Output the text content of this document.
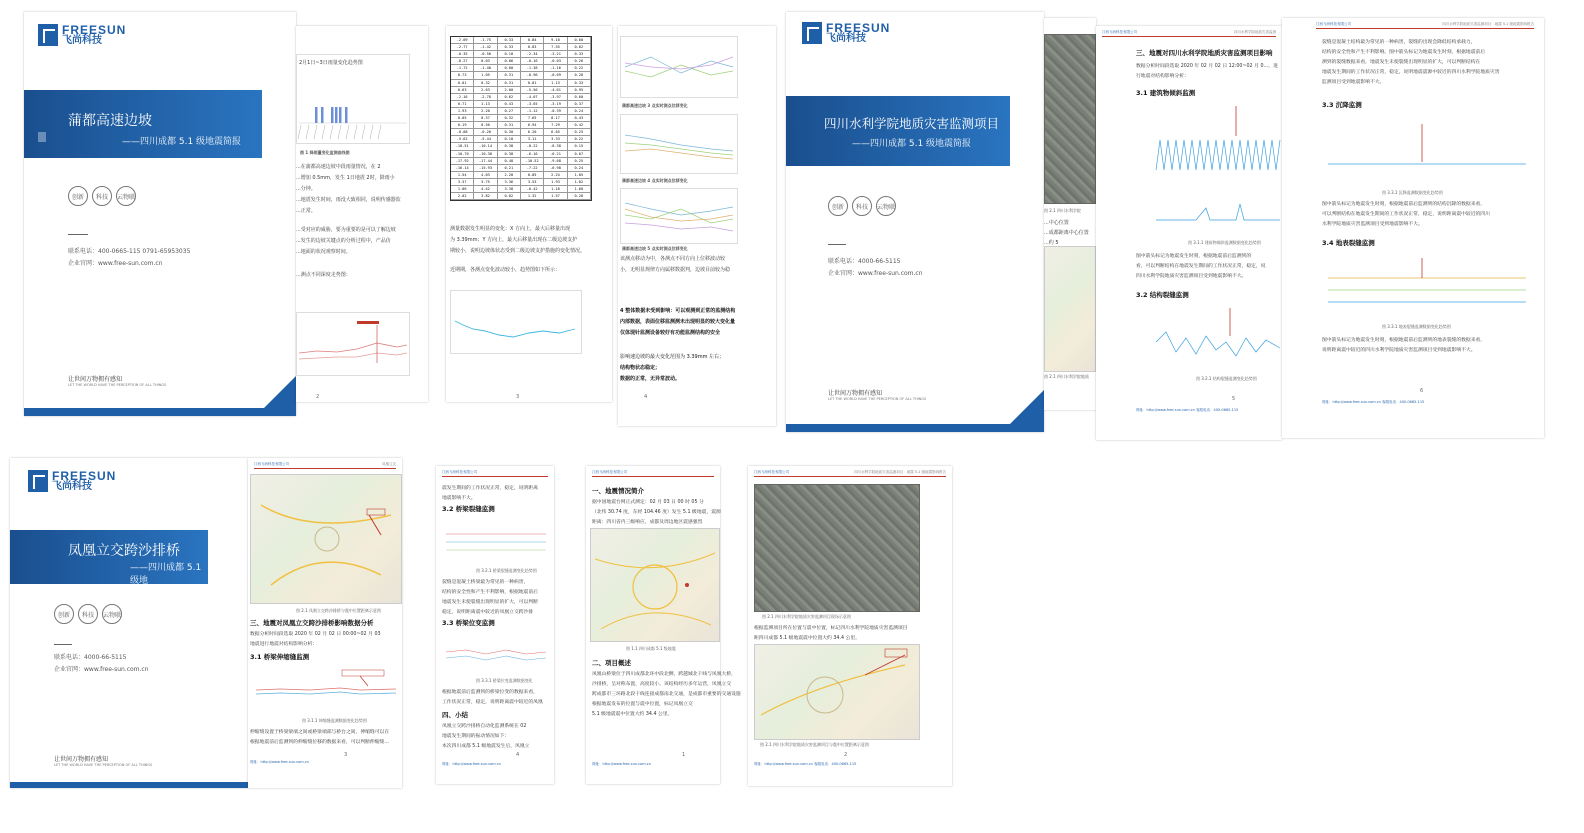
FREESUN
飞尚科技
蒲都高速边坡
——四川成都 5.1 级地震简报
创新	科技	云物联
联系电话：400-0665-115 0791-65953035
企业官网：www.free-sun.com.cn
让世间万物拥有感知
LET THE WORLD HAVE THE PERCEPTION OF ALL THINGS
2月1日~3日雨量变化趋势图
图 1 降雨量变化监测曲线图
...在蒲都高速边坡中段雨量情况，在 2
...增加 0.5mm，发生 1日地震 2时，降雨小
...分钟。
...地震发生时间，雨没大致相同，说明传感器监
...正常。
...受对应的威胁，要为重要的是可以了解边坡
...发生的边坡关键点的分析过程中，产品仿
...地面的状况观察时间。
...测点不同深度走势图：
2
-2.09	-1.75	0.33	0.84	9.10	0.60
-2.77	-1.42	0.33	0.83	7.55	0.62
-0.35	-0.50	0.18	-2.34	-3.21	0.33
-0.27	0.03	0.06	-0.16	-0.03	0.26
-1.72	-1.40	0.00	-1.38	-1.16	0.22
0.73	1.05	0.31	-0.96	-0.69	0.28
0.01	0.32	0.31	0.81	1.13	0.33
0.63	2.63	2.00	-5.56	-4.61	0.95
-2.16	-2.78	0.62	-4.07	-3.97	0.60
0.71	1.13	0.43	-3.65	-3.19	0.37
1.93	2.20	0.27	-1.12	-0.39	0.24
0.05	0.37	0.32	7.65	8.17	0.43
0.19	0.50	0.31	6.94	7.29	0.42
-0.08	-0.20	0.30	6.20	6.65	0.25
-5.62	-5.44	0.18	3.11	3.33	0.22
-10.51	-10.14	0.38	-8.22	-8.38	0.15
-10.70	-10.38	0.38	-6.16	-6.21	0.07
-17.92	-17.44	0.48	-10.52	-9.68	0.25
-16.14	-15.93	0.21	-7.22	-6.98	0.24
1.54	4.03	2.28	0.85	2.24	1.05
3.37	3.75	3.36	3.53	1.93	1.82
1.06	4.42	3.38	-0.42	1.18	1.60
2.02	3.82	0.82	1.32	1.57	0.28
测量数据发生明显的变化：X 方向上，最大后移量出现
为 3.39mm；Y 方向上，最大后移量出现在二级边坡支护
期较小，说明边坡体状态受到二级边坡支护措施的变化情况。
近期期，各测点变化波动较小，趋势图如下所示：
3
蒲都高速边坡 3 点实时测点位移变化
蒲都高速边坡 4 点实时测点位移变化
蒲都高速边坡 5 点实时测点位移变化
该测点移动为中，各测点不同方向上位移波动较
小，无明显规律方向属移数据判，边坡目前较为稳
4 整体数据未受到影响：可以观测到正常的监测结构
内部数据，表面位移监测测未出现明显的较大变化量
仅体现针监测设备较好有功能监测结构的安全
影响速边坡的最大变化范围为 3.39mm 左右；
结构物状态稳定；
数据的正常，无异常波动。
4
FREESUN
飞尚科技
四川水利学院地质灾害监测项目
——四川成都 5.1 级地震简报
创新	科技	云物联
联系电话：4000-66-5115
企业官网：www.free-sun.com.cn
让世间万物拥有感知
LET THE WORLD HAVE THE PERCEPTION OF ALL THINGS
图 2.1 四川水利学院
...中心位置
...成都距离中心位置
...约 5
图 2.1 四川水利学院地质
江西飞尚科技有限公司	四川水利学院地质灾害监测
三、地震对四川水利学院地质灾害监测项目影响
数据分析时间段选取 2020 年 02 月 02 日 12:00~02 月 0…，进行地震对结构影响分析：
3.1 建筑物倾斜监测
图 3.1.1 建筑物倾斜监测数据变化趋势图
图中箭头标记为地震发生时刻，根据地震前后监测到的
看，可以判断结构在地震发生期间的工作状况正常，稳定，说
四川水利学院地质灾害监测项目受到地震影响不大。
3.2 结构裂缝监测
图 3.2.1 结构裂缝监测变化趋势图
5
网址：http://www.free-sun.com.cn 客服电话：400-0665-115
江西飞尚科技有限公司	四川水利学院地质灾害监测项目：地震 5.1 级地震影响报告
裂缝是混凝土结构最为常见的一种病害，裂缝的出现会降低结构承载力，
结构的安全性和产生不利影响。图中箭头标记为地震发生时刻，根据地震前后
测到的裂缝数据来看，地震发生未使裂缝出现明显的扩大，可以判断结构在
地震发生期间的工作状况正常，稳定，说明地震震源中较近的四川水利学院地质灾害
监测项目受到地震影响不大。
3.3 沉降监测
图 3.3.1 沉降监测数据变化趋势图
图中箭头标记为地震发生时刻，根据地震前后监测到的结构沉降的数据来看，
可以判断结构在地震发生期间的工作状况正常，稳定，说明距离震中较近的四川
水利学院地质灾害监测项目受到地震影响不大。
3.4 地表裂缝监测
图 3.3.1 地表裂缝监测数据变化趋势图
图中箭头标记为地震发生时刻，根据地震前后监测到的地表裂缝的数据来看，
说明距离震中较近的四川水利学院地质灾害监测项目受到地震影响不大。
6
网址：http://www.free-sun.com.cn 客服电话：400-0665-115
FREESUN
飞尚科技
凤凰立交跨沙排桥
——四川成都 5.1 级地
创新	科技	云物联
联系电话：4000-66-5115
企业官网：www.free-sun.com.cn
让世间万物拥有感知
LET THE WORLD HAVE THE PERCEPTION OF ALL THINGS
江西飞尚科技有限公司	凤凰立交
图 2.1 凤凰立交跨沙排桥与震中位置距离示意图
三、地震对凤凰立交跨沙排桥影响数据分析
数据分析时间段选取 2020 年 02 月 02 日 00:00~02 月 03
地震进行地震对结构影响分析：
3.1 桥梁伸缩缝监测
图 3.1.1 伸缩缝监测数据变化趋势图
伸缩缝设置于桥梁梁端之间或桥梁端部与桥台之间，伸缩缝可以在
根据地震前后监测到的伸缩缝位移的数据来看，可以判断伸缩缝...
3
网址：http://www.free-sun.com.cn
江西飞尚科技有限公司
震发生期间的工作状况正常，稳定，说明距离
地震影响不大。
3.2 桥梁裂缝监测
图 3.2.1 桥梁裂缝监测变化趋势图
裂缝是混凝土桥梁最为常见的一种病害，
结构的安全性和产生不利影响，根据地震前后
地震发生未使裂缝出现明显的扩大，可以判断
稳定，说明距离震中较近的凤凰立交跨沙排
3.3 桥梁位变监测
图 3.3.1 桥梁位变监测数据变化
根据地震前后监测到的桥梁位变的数据来看，
工作状况正常，稳定，说明距离震中较近的凤凰
四、小结
凤凰立交跨沙排桥自动化监测系统在 02
地震发生期间的振动情况如下：
本次四川成都 5.1 级地震发生后，凤凰立
4
网址：http://www.free-sun.com.cn
江西飞尚科技有限公司
一、地震情况简介
据中国地震台网正式测定：02 月 03 日 00 时 05 分
（北纬 30.74 度，东经 104.46 度）发生 5.1 级地震，震源
距离：四川省内三级响应，成都及周边地区震感强烈
图 1.1 四川成都 5.1 级地震
二、项目概述
凤凰山桥梁位于四川成都北环中段北侧，跨越城北干线与凤凰大桥，
沙排桥，呈对称布置，高度较小。该结构经历多年运营，凤凰立交
跨成都市三环路北段干线连接成都南北交通，是成都市重要的交通设施
根据地震发布的位置与震中位置，标记凤凰立交
5.1 级地震震中位置大约 34.4 公里。
1
网址：http://www.free-sun.com.cn
江西飞尚科技有限公司	四川水利学院地质灾害监测项目：地震 5.1 级地震影响报告
图 2.1 四川水利学院地质灾害监测项目现场示意图
根据监测项目所在位置与震中位置，标记四川水利学院地质灾害监测项目
距四川成都 5.1 级地震震中位置大约 34.4 公里。
图 2.1 四川水利学院地质灾害监测项目与震中位置距离示意图
2
网址：http://www.free-sun.com.cn 客服电话：400-0665-115
